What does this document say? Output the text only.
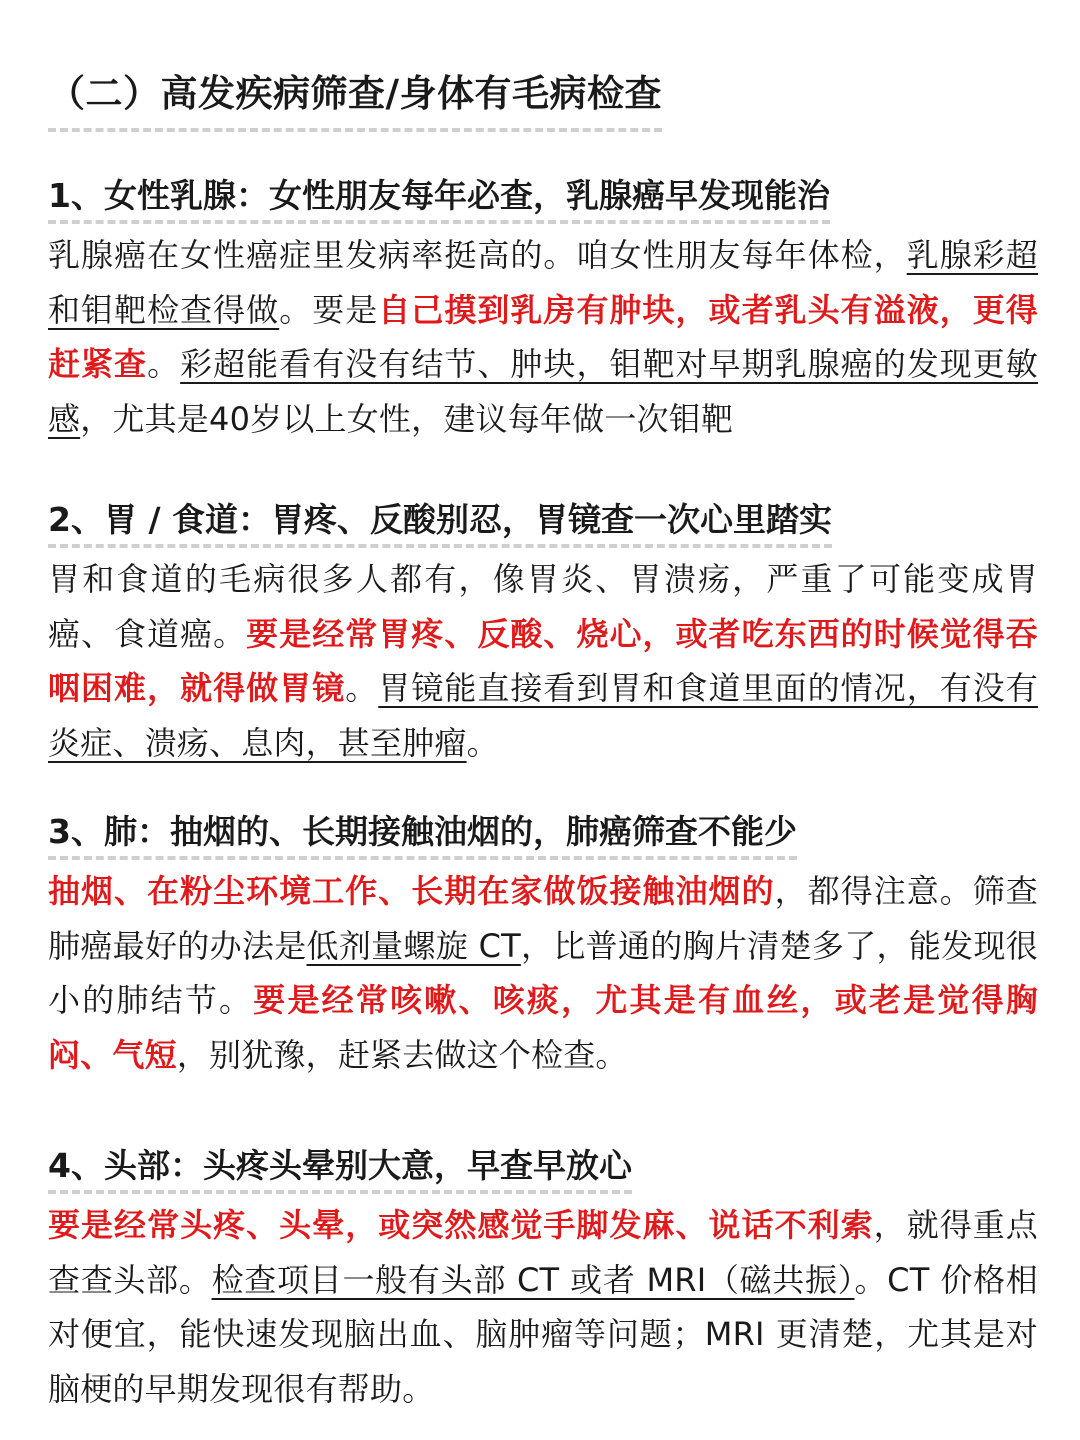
（二）高发疾病筛查/身体有毛病检查
1、女性乳腺：女性朋友每年必查，乳腺癌早发现能治
乳腺癌在女性癌症里发病率挺高的。咱女性朋友每年体检，乳腺彩超和钼靶检查得做。要是自己摸到乳房有肿块，或者乳头有溢液，更得赶紧查。彩超能看有没有结节、肿块，钼靶对早期乳腺癌的发现更敏感，尤其是40岁以上女性，建议每年做一次钼靶
2、胃 / 食道：胃疼、反酸别忍，胃镜查一次心里踏实
胃和食道的毛病很多人都有，像胃炎、胃溃疡，严重了可能变成胃癌、食道癌。要是经常胃疼、反酸、烧心，或者吃东西的时候觉得吞咽困难，就得做胃镜。胃镜能直接看到胃和食道里面的情况，有没有炎症、溃疡、息肉，甚至肿瘤。
3、肺：抽烟的、长期接触油烟的，肺癌筛查不能少
抽烟、在粉尘环境工作、长期在家做饭接触油烟的，都得注意。筛查肺癌最好的办法是低剂量螺旋 CT，比普通的胸片清楚多了，能发现很小的肺结节。要是经常咳嗽、咳痰，尤其是有血丝，或老是觉得胸闷、气短，别犹豫，赶紧去做这个检查。
4、头部：头疼头晕别大意，早查早放心
要是经常头疼、头晕，或突然感觉手脚发麻、说话不利索，就得重点查查头部。检查项目一般有头部 CT 或者 MRI（磁共振）。CT 价格相对便宜，能快速发现脑出血、脑肿瘤等问题；MRI 更清楚，尤其是对脑梗的早期发现很有帮助。
